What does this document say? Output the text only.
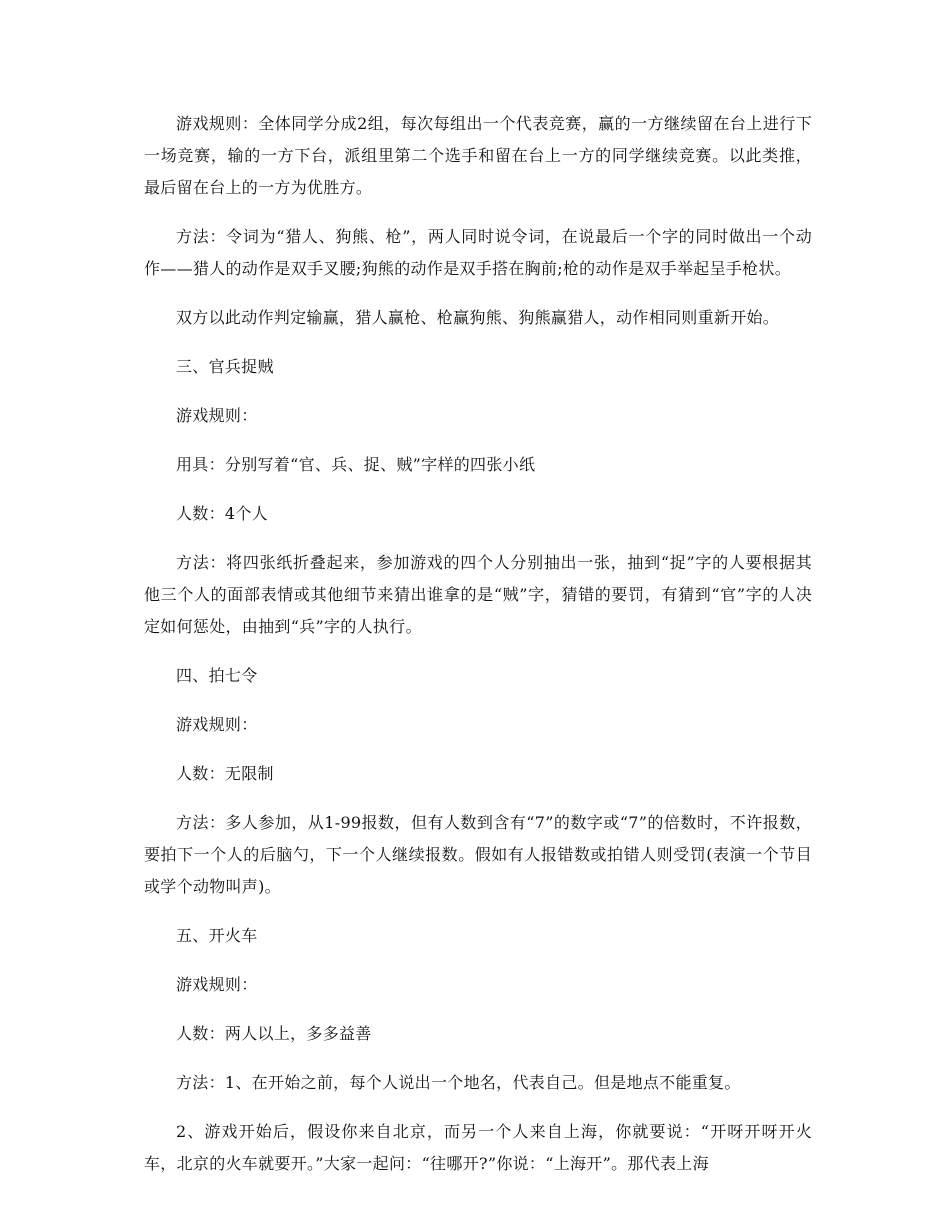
游戏规则：全体同学分成2组，每次每组出一个代表竞赛，赢的一方继续留在台上进行下一场竞赛，输的一方下台，派组里第二个选手和留在台上一方的同学继续竞赛。以此类推，最后留在台上的一方为优胜方。

方法：令词为“猎人、狗熊、枪”，两人同时说令词，在说最后一个字的同时做出一个动作——猎人的动作是双手叉腰;狗熊的动作是双手搭在胸前;枪的动作是双手举起呈手枪状。

双方以此动作判定输赢，猎人赢枪、枪赢狗熊、狗熊赢猎人，动作相同则重新开始。

三、官兵捉贼

游戏规则：

用具：分别写着“官、兵、捉、贼”字样的四张小纸

人数：4个人

方法：将四张纸折叠起来，参加游戏的四个人分别抽出一张，抽到“捉”字的人要根据其他三个人的面部表情或其他细节来猜出谁拿的是“贼”字，猜错的要罚，有猜到“官”字的人决定如何惩处，由抽到“兵”字的人执行。

四、拍七令

游戏规则：

人数：无限制

方法：多人参加，从1-99报数，但有人数到含有“7”的数字或“7”的倍数时，不许报数，要拍下一个人的后脑勺，下一个人继续报数。假如有人报错数或拍错人则受罚(表演一个节目或学个动物叫声)。

五、开火车

游戏规则：

人数：两人以上，多多益善

方法：1、在开始之前，每个人说出一个地名，代表自己。但是地点不能重复。

2、游戏开始后，假设你来自北京，而另一个人来自上海，你就要说：“开呀开呀开火车，北京的火车就要开。”大家一起问：“往哪开?”你说：“上海开”。那代表上海
